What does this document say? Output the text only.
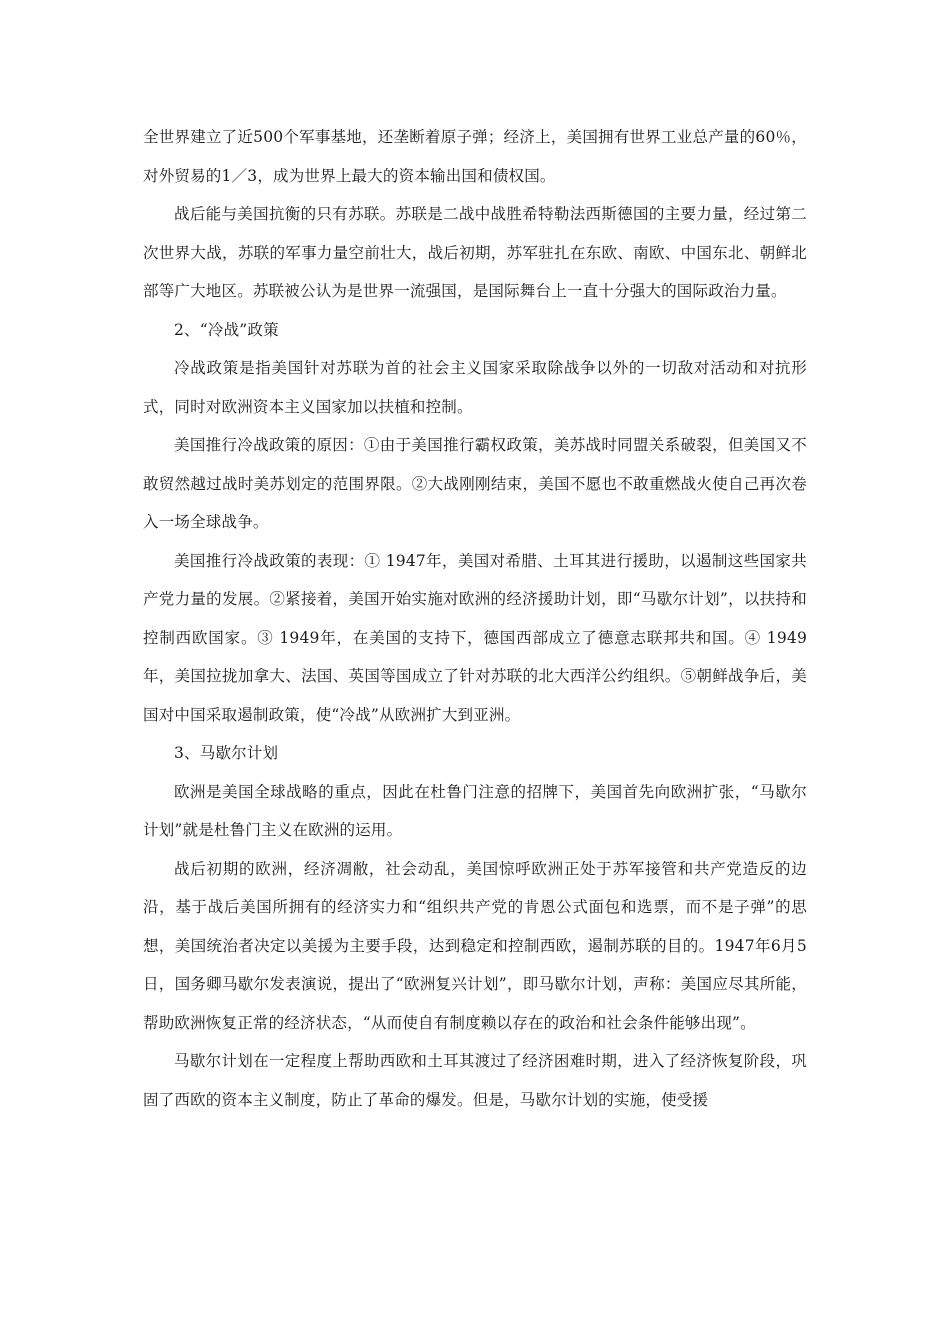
全世界建立了近500个军事基地，还垄断着原子弹；经济上，美国拥有世界工业总产量的60％，对外贸易的1／3，成为世界上最大的资本输出国和债权国。

战后能与美国抗衡的只有苏联。苏联是二战中战胜希特勒法西斯德国的主要力量，经过第二次世界大战，苏联的军事力量空前壮大，战后初期，苏军驻扎在东欧、南欧、中国东北、朝鲜北部等广大地区。苏联被公认为是世界一流强国，是国际舞台上一直十分强大的国际政治力量。

2、“冷战”政策

冷战政策是指美国针对苏联为首的社会主义国家采取除战争以外的一切敌对活动和对抗形式，同时对欧洲资本主义国家加以扶植和控制。

美国推行冷战政策的原因：①由于美国推行霸权政策，美苏战时同盟关系破裂，但美国又不敢贸然越过战时美苏划定的范围界限。②大战刚刚结束，美国不愿也不敢重燃战火使自己再次卷入一场全球战争。

美国推行冷战政策的表现：① 1947年，美国对希腊、土耳其进行援助，以遏制这些国家共产党力量的发展。②紧接着，美国开始实施对欧洲的经济援助计划，即“马歇尔计划”，以扶持和控制西欧国家。③ 1949年，在美国的支持下，德国西部成立了德意志联邦共和国。④ 1949年，美国拉拢加拿大、法国、英国等国成立了针对苏联的北大西洋公约组织。⑤朝鲜战争后，美国对中国采取遏制政策，使“冷战”从欧洲扩大到亚洲。

3、马歇尔计划

欧洲是美国全球战略的重点，因此在杜鲁门注意的招牌下，美国首先向欧洲扩张，“马歇尔计划”就是杜鲁门主义在欧洲的运用。

战后初期的欧洲，经济凋敝，社会动乱，美国惊呼欧洲正处于苏军接管和共产党造反的边沿，基于战后美国所拥有的经济实力和“组织共产党的肯恩公式面包和选票，而不是子弹”的思想，美国统治者决定以美援为主要手段，达到稳定和控制西欧，遏制苏联的目的。1947年6月5日，国务卿马歇尔发表演说，提出了“欧洲复兴计划”，即马歇尔计划，声称：美国应尽其所能，帮助欧洲恢复正常的经济状态，“从而使自有制度赖以存在的政治和社会条件能够出现”。

马歇尔计划在一定程度上帮助西欧和土耳其渡过了经济困难时期，进入了经济恢复阶段，巩固了西欧的资本主义制度，防止了革命的爆发。但是，马歇尔计划的实施，使受援
